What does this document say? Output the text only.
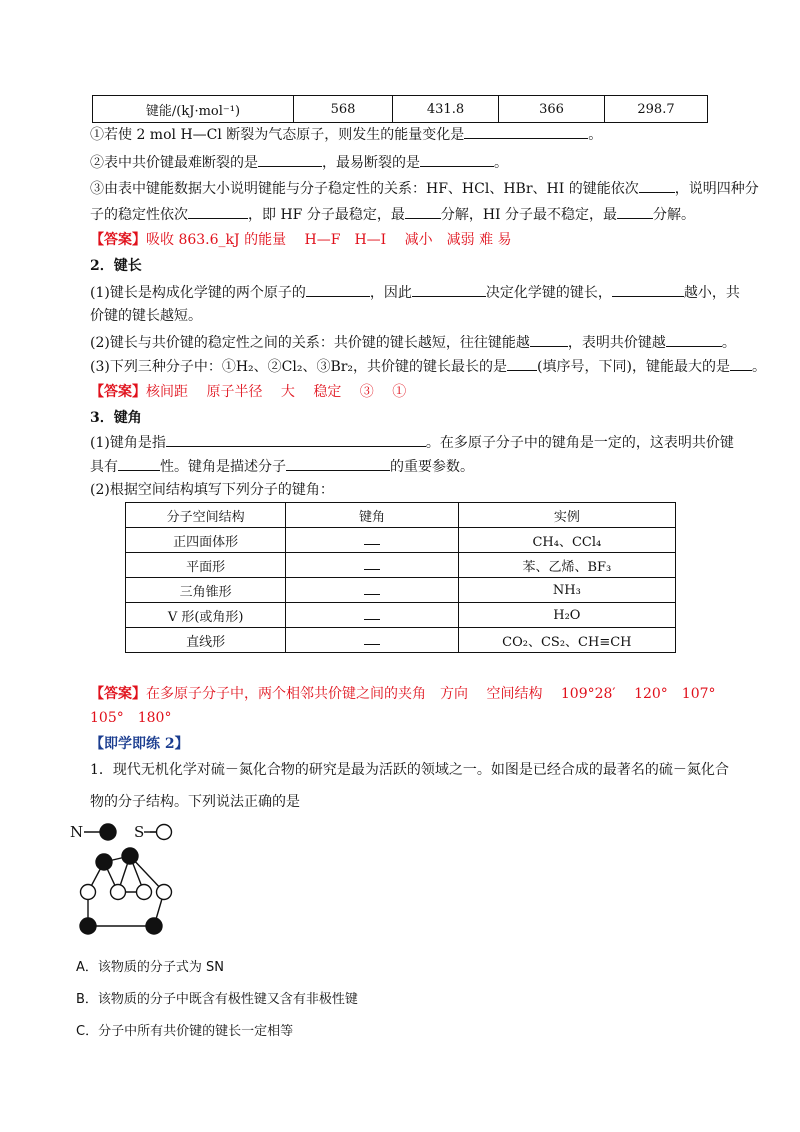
键能/(kJ·mol⁻¹)	568	431.8	366	298.7
①若使 2 mol H—Cl 断裂为气态原子，则发生的能量变化是	。
②表中共价键最难断裂的是	，最易断裂的是	。
③由表中键能数据大小说明键能与分子稳定性的关系：HF、HCl、HBr、HI 的键能依次	，说明四种分
子的稳定性依次	，即 HF 分子最稳定，最	分解，HI 分子最不稳定，最	分解。
【答案】吸收 863.6_kJ 的能量　 H—F　H—I　 减小　减弱 难 易
2．键长
(1)键长是构成化学键的两个原子的	，因此	决定化学键的键长，	越小，共
价键的键长越短。
(2)键长与共价键的稳定性之间的关系：共价键的键长越短，往往键能越	，表明共价键越	。
(3)下列三种分子中：①H₂、②Cl₂、③Br₂，共价键的键长最长的是 (填序号，下同)，键能最大的是 。
【答案】核间距　 原子半径　 大　 稳定　 ③　 ①
3．键角
(1)键角是指	。在多原子分子中的键角是一定的，这表明共价键
具有	性。键角是描述分子	的重要参数。
(2)根据空间结构填写下列分子的键角：
分子空间结构	键角	实例
正四面体形		CH₄、CCl₄
平面形		苯、乙烯、BF₃
三角锥形		NH₃
V 形(或角形)		H₂O
直线形		CO₂、CS₂、CH≡CH
【答案】在多原子分子中，两个相邻共价键之间的夹角　方向　 空间结构　 109°28′　 120°　107°
105°　180°
【即学即练 2】
1．现代无机化学对硫－氮化合物的研究是最为活跃的领域之一。如图是已经合成的最著名的硫－氮化合
物的分子结构。下列说法正确的是
N	S
A．该物质的分子式为 SN
B．该物质的分子中既含有极性键又含有非极性键
C．分子中所有共价键的键长一定相等
